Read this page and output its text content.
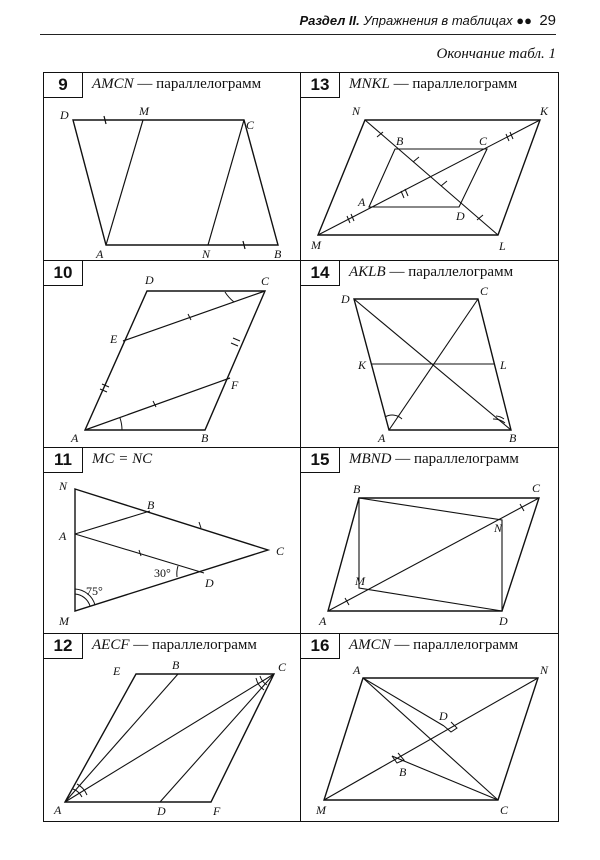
Раздел II. Упражнения в таблицах ●● 29
Окончание табл. 1
9	AMCN — параллелограмм
D	M
C
A	N	B
13	MNKL — параллелограмм
N	K
B	C
A
D
M	L
10	D	C
E
F
A	B
14	AKLB — параллелограмм
D
C
K	L
A	B
11	MC = NC
N
B
A
C
D
M
75°
30°
15	MBND — параллелограмм
B	C
N
M
A	D
12	AECF — параллелограмм
E	B	C
A	D	F
16	AMCN — параллелограмм
A	N
D
B
M	C
